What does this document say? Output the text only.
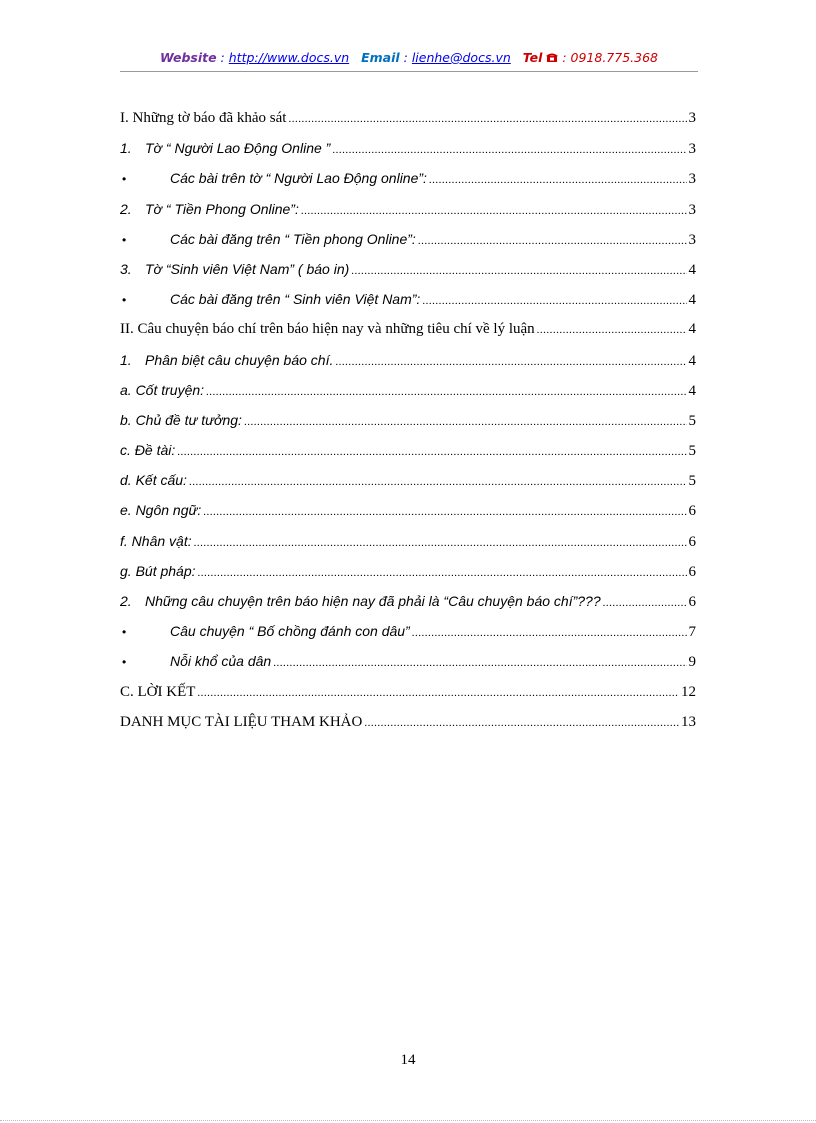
Website : http://www.docs.vn Email : lienhe@docs.vn Tel  : 0918.775.368
I. Những tờ báo đã khảo sát .....	3
1. Tờ “ Người Lao Động Online ” .....	3
•	Các bài trên tờ “ Người Lao Động online”: .....	3
2. Tờ “ Tiền Phong Online”: .....	3
•	Các bài đăng trên “ Tiền phong Online”: .....	3
3. Tờ “Sinh viên Việt Nam” ( báo in) .....	4
•	Các bài đăng trên “ Sinh viên Việt Nam”: .....	4
II. Câu chuyện báo chí trên báo hiện nay và những tiêu chí về lý luận .....	4
1. Phân biệt câu chuyện báo chí. .....	4
a. Cốt truyện: .....	4
b. Chủ đề tư tưởng: .....	5
c. Đề tài: .....	5
d. Kết cấu: .....	5
e. Ngôn ngữ: .....	6
f. Nhân vật: .....	6
g. Bút pháp: .....	6
2. Những câu chuyện trên báo hiện nay đã phải là “Câu chuyện báo chí”??? .....	6
•	Câu chuyện “ Bố chồng đánh con dâu” .....	7
•	Nỗi khổ của dân .....	9
C. LỜI KẾT .....	12
DANH MỤC TÀI LIỆU THAM KHẢO .....	13
14
